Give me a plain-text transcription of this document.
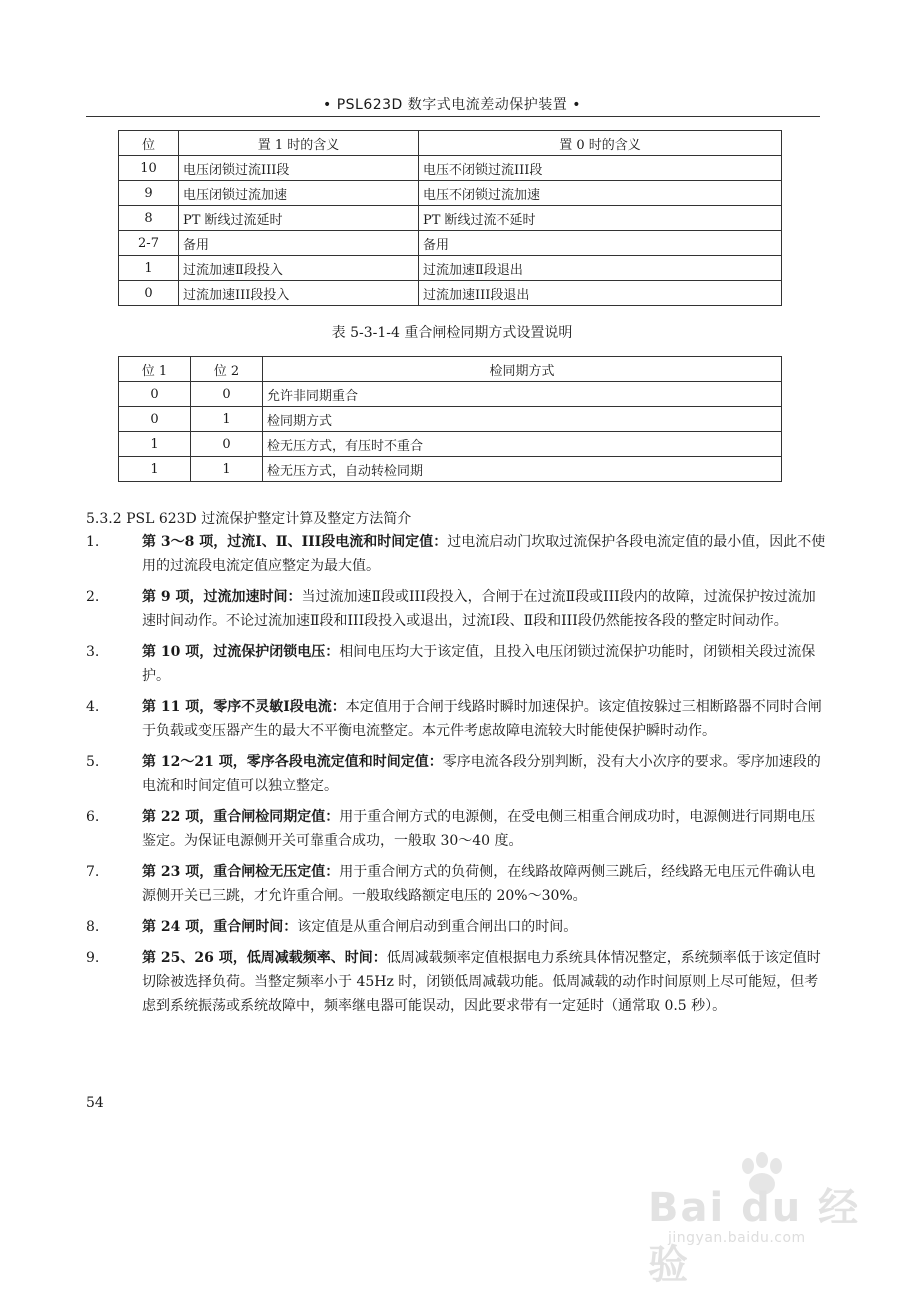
• PSL623D 数字式电流差动保护装置 •
位	置 1 时的含义	置 0 时的含义
10	电压闭锁过流III段	电压不闭锁过流III段
9	电压闭锁过流加速	电压不闭锁过流加速
8	PT 断线过流延时	PT 断线过流不延时
2-7	备用	备用
1	过流加速Ⅱ段投入	过流加速Ⅱ段退出
0	过流加速III段投入	过流加速III段退出
表 5-3-1-4 重合闸检同期方式设置说明
位 1	位 2	检同期方式
0	0	允许非同期重合
0	1	检同期方式
1	0	检无压方式，有压时不重合
1	1	检无压方式，自动转检同期
5.3.2 PSL 623D 过流保护整定计算及整定方法简介
1.	第 3～8 项，过流Ⅰ、Ⅱ、III段电流和时间定值：过电流启动门坎取过流保护各段电流定值的最小值，因此不使用的过流段电流定值应整定为最大值。
2.	第 9 项，过流加速时间：当过流加速Ⅱ段或III段投入，合闸于在过流Ⅱ段或III段内的故障，过流保护按过流加速时间动作。不论过流加速Ⅱ段和III段投入或退出，过流Ⅰ段、Ⅱ段和III段仍然能按各段的整定时间动作。
3.	第 10 项，过流保护闭锁电压：相间电压均大于该定值，且投入电压闭锁过流保护功能时，闭锁相关段过流保护。
4.	第 11 项，零序不灵敏Ⅰ段电流：本定值用于合闸于线路时瞬时加速保护。该定值按躲过三相断路器不同时合闸于负载或变压器产生的最大不平衡电流整定。本元件考虑故障电流较大时能使保护瞬时动作。
5.	第 12～21 项，零序各段电流定值和时间定值：零序电流各段分别判断，没有大小次序的要求。零序加速段的电流和时间定值可以独立整定。
6.	第 22 项，重合闸检同期定值：用于重合闸方式的电源侧，在受电侧三相重合闸成功时，电源侧进行同期电压鉴定。为保证电源侧开关可靠重合成功，一般取 30～40 度。
7.	第 23 项，重合闸检无压定值：用于重合闸方式的负荷侧，在线路故障两侧三跳后，经线路无电压元件确认电源侧开关已三跳，才允许重合闸。一般取线路额定电压的 20%～30%。
8.	第 24 项，重合闸时间：该定值是从重合闸启动到重合闸出口的时间。
9.	第 25、26 项，低周减载频率、时间：低周减载频率定值根据电力系统具体情况整定，系统频率低于该定值时切除被选择负荷。当整定频率小于 45Hz 时，闭锁低周减载功能。低周减载的动作时间原则上尽可能短，但考虑到系统振荡或系统故障中，频率继电器可能误动，因此要求带有一定延时（通常取 0.5 秒）。
54
Bai du 经验
jingyan.baidu.com
